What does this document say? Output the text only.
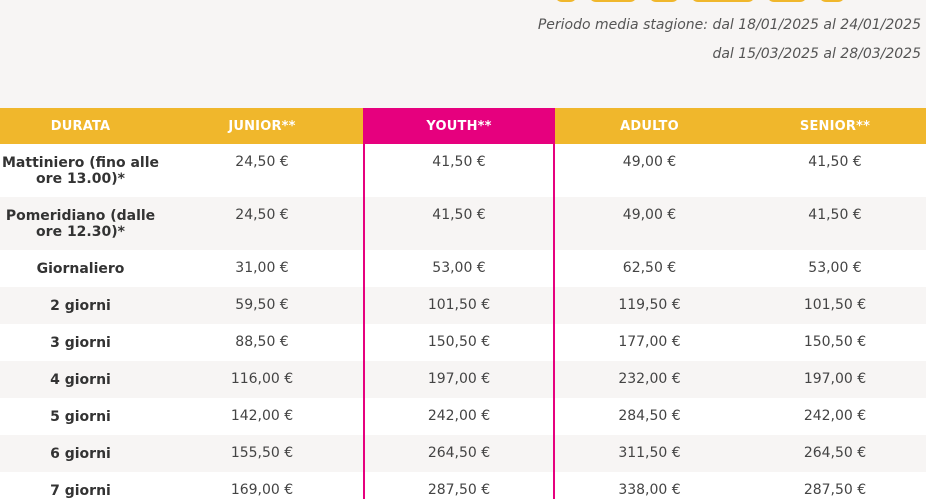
Periodo media stagione: dal 18/01/2025 al 24/01/2025
dal 15/03/2025 al 28/03/2025
DURATA	JUNIOR**	YOUTH**	ADULTO	SENIOR**
Mattiniero (fino alle ore 13.00)*	24,50 €	41,50 €	49,00 €	41,50 €
Pomeridiano (dalle ore 12.30)*	24,50 €	41,50 €	49,00 €	41,50 €
Giornaliero	31,00 €	53,00 €	62,50 €	53,00 €
2 giorni	59,50 €	101,50 €	119,50 €	101,50 €
3 giorni	88,50 €	150,50 €	177,00 €	150,50 €
4 giorni	116,00 €	197,00 €	232,00 €	197,00 €
5 giorni	142,00 €	242,00 €	284,50 €	242,00 €
6 giorni	155,50 €	264,50 €	311,50 €	264,50 €
7 giorni	169,00 €	287,50 €	338,00 €	287,50 €
